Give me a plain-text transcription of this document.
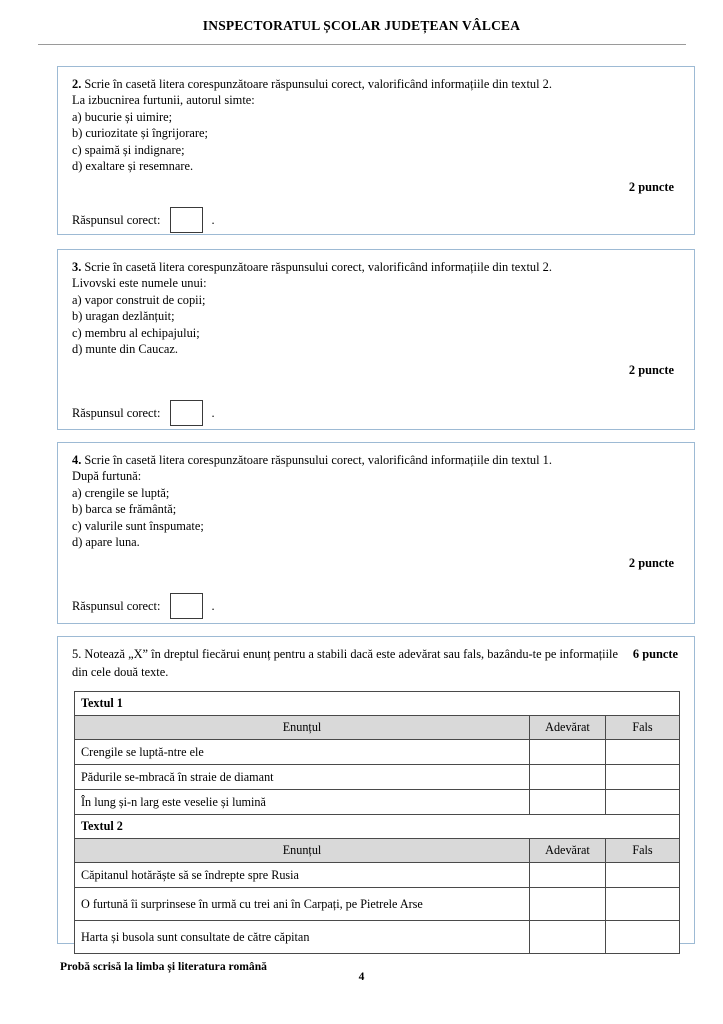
INSPECTORATUL ȘCOLAR JUDEȚEAN VÂLCEA
2. Scrie în casetă litera corespunzătoare răspunsului corect, valorificând informațiile din textul 2.
La izbucnirea furtunii, autorul simte:
a) bucurie și uimire;
b) curiozitate și îngrijorare;
c) spaimă și indignare;
d) exaltare și resemnare.
2 puncte
Răspunsul corect:	.
3. Scrie în casetă litera corespunzătoare răspunsului corect, valorificând informațiile din textul 2.
Livovski este numele unui:
a) vapor construit de copii;
b) uragan dezlănțuit;
c) membru al echipajului;
d) munte din Caucaz.
2 puncte
Răspunsul corect:	.
4. Scrie în casetă litera corespunzătoare răspunsului corect, valorificând informațiile din textul 1.
După furtună:
a) crengile se luptă;
b) barca se frământă;
c) valurile sunt înspumate;
d) apare luna.
2 puncte
Răspunsul corect:	.
6 puncte
5. Notează „X” în dreptul fiecărui enunț pentru a stabili dacă este adevărat sau fals, bazându-te pe informațiile din cele două texte.
Textul 1		
Enunțul	Adevărat	Fals
Crengile se luptă-ntre ele		
Pădurile se-mbracă în straie de diamant		
În lung și-n larg este veselie și lumină		
Textul 2		
Enunțul	Adevărat	Fals
Căpitanul hotărăște să se îndrepte spre Rusia		
O furtună îi surprinsese în urmă cu trei ani în Carpați, pe Pietrele Arse		
Harta și busola sunt consultate de către căpitan		
Probă scrisă la limba și literatura română
4
